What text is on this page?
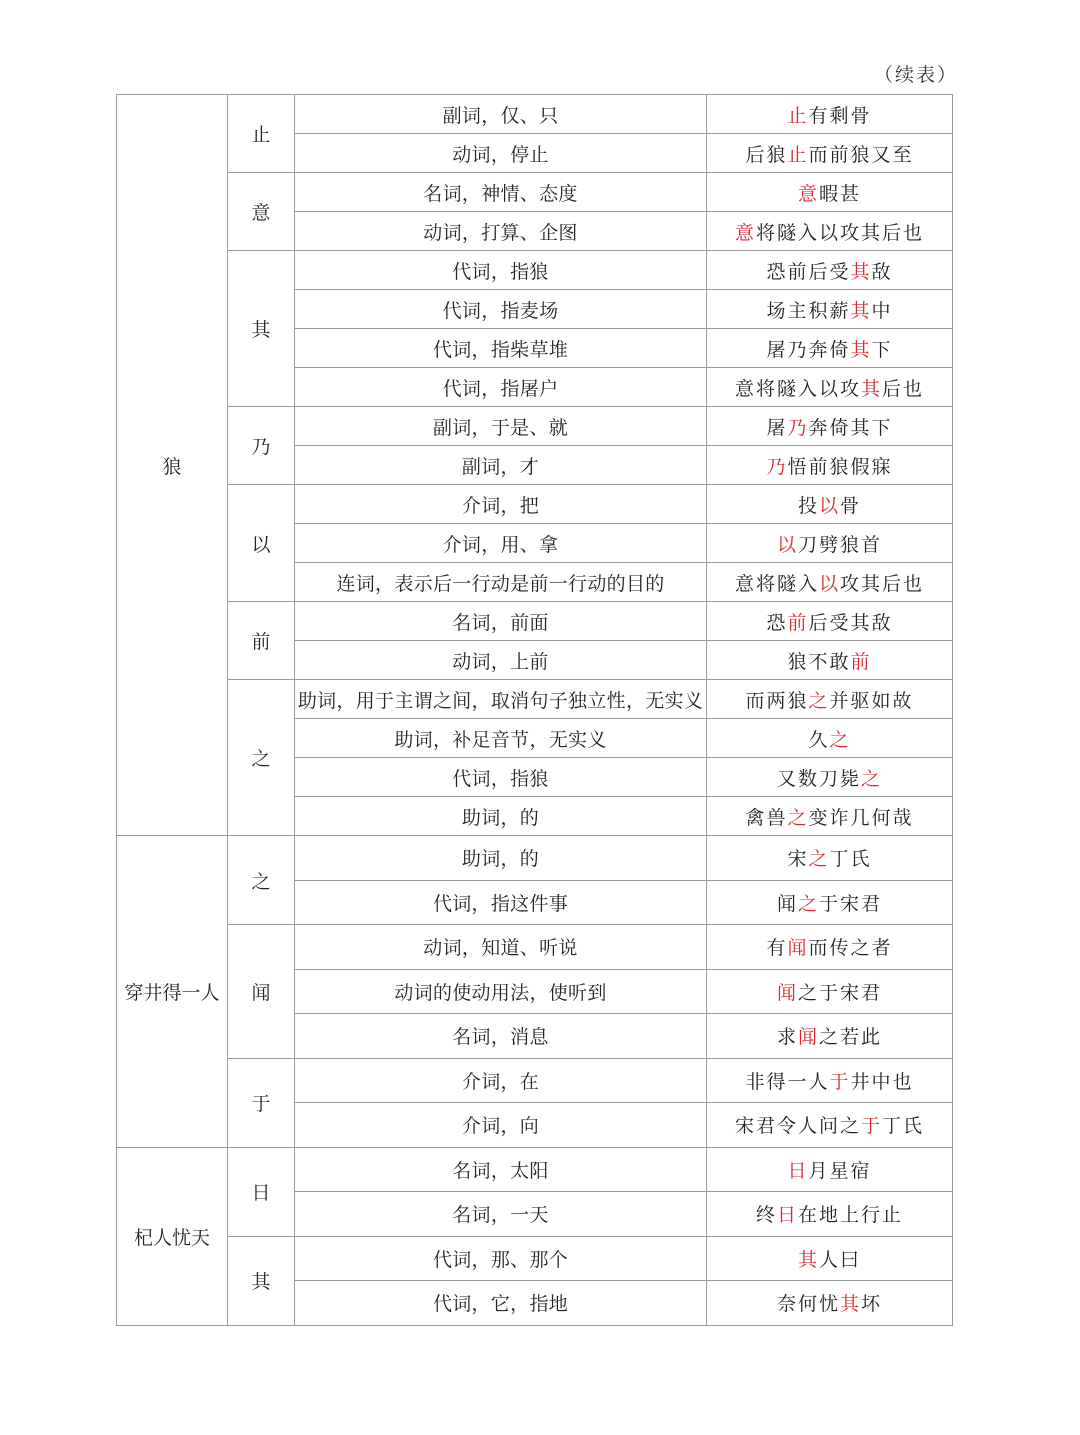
（续表）
狼	止	副词，仅、只	止有剩骨
		动词，停止	后狼止而前狼又至
	意	名词，神情、态度	意暇甚
		动词，打算、企图	意将隧入以攻其后也
	其	代词，指狼	恐前后受其敌
		代词，指麦场	场主积薪其中
		代词，指柴草堆	屠乃奔倚其下
		代词，指屠户	意将隧入以攻其后也
	乃	副词，于是、就	屠乃奔倚其下
		副词，才	乃悟前狼假寐
	以	介词，把	投以骨
		介词，用、拿	以刀劈狼首
		连词，表示后一行动是前一行动的目的	意将隧入以攻其后也
	前	名词，前面	恐前后受其敌
		动词，上前	狼不敢前
	之	助词，用于主谓之间，取消句子独立性，无实义	而两狼之并驱如故
		助词，补足音节，无实义	久之
		代词，指狼	又数刀毙之
		助词，的	禽兽之变诈几何哉
穿井得一人	之	助词，的	宋之丁氏
		代词，指这件事	闻之于宋君
	闻	动词，知道、听说	有闻而传之者
		动词的使动用法，使听到	闻之于宋君
		名词，消息	求闻之若此
	于	介词，在	非得一人于井中也
		介词，向	宋君令人问之于丁氏
杞人忧天	日	名词，太阳	日月星宿
		名词，一天	终日在地上行止
	其	代词，那、那个	其人曰
		代词，它，指地	奈何忧其坏
